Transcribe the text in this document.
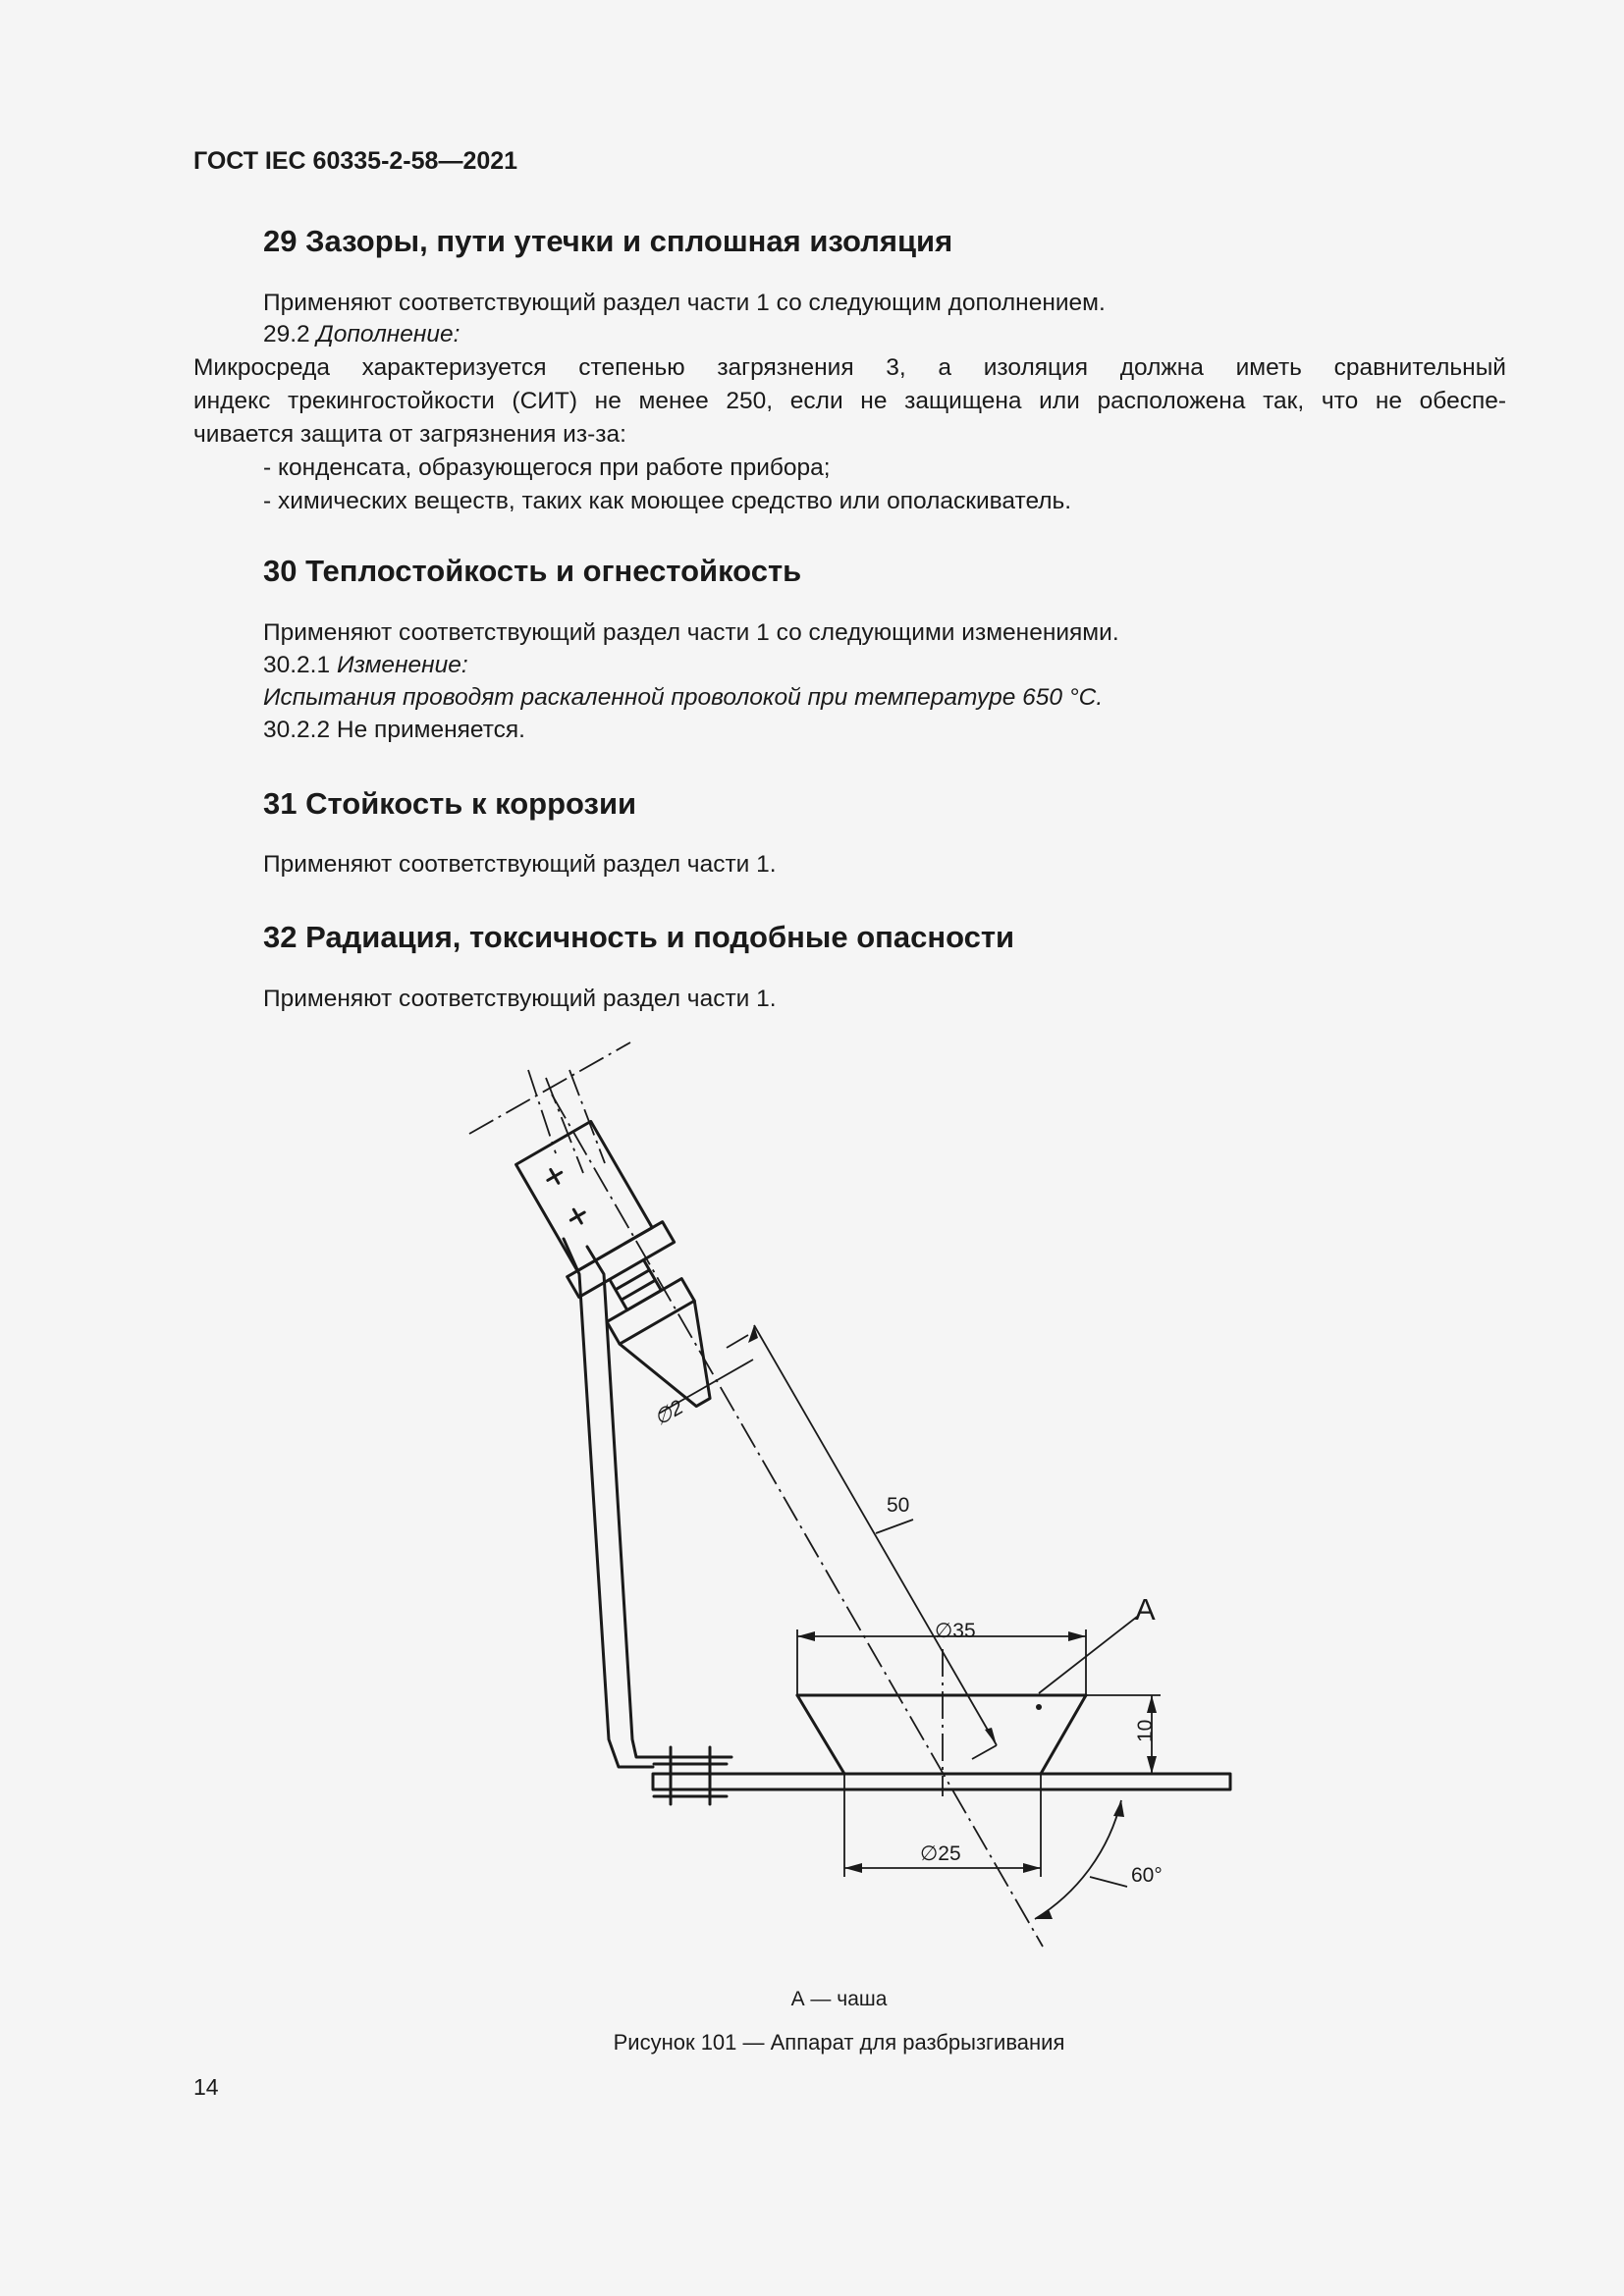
ГОСТ IEC 60335-2-58—2021
29 Зазоры, пути утечки и сплошная изоляция
Применяют соответствующий раздел части 1 со следующим дополнением.
29.2 Дополнение:
Микросреда характеризуется степенью загрязнения 3, а изоляция должна иметь сравнительный
индекс трекингостойкости (СИТ) не менее 250, если не защищена или расположена так, что не обеспе-
чивается защита от загрязнения из-за:
- конденсата, образующегося при работе прибора;
- химических веществ, таких как моющее средство или ополаскиватель.
30 Теплостойкость и огнестойкость
Применяют соответствующий раздел части 1 со следующими изменениями.
30.2.1 Изменение:
Испытания проводят раскаленной проволокой при температуре 650 °С.
30.2.2 Не применяется.
31 Стойкость к коррозии
Применяют соответствующий раздел части 1.
32 Радиация, токсичность и подобные опасности
Применяют соответствующий раздел части 1.
∅2
50
∅35
А
10
∅25
60°
А — чаша
Рисунок 101 — Аппарат для разбрызгивания
14
